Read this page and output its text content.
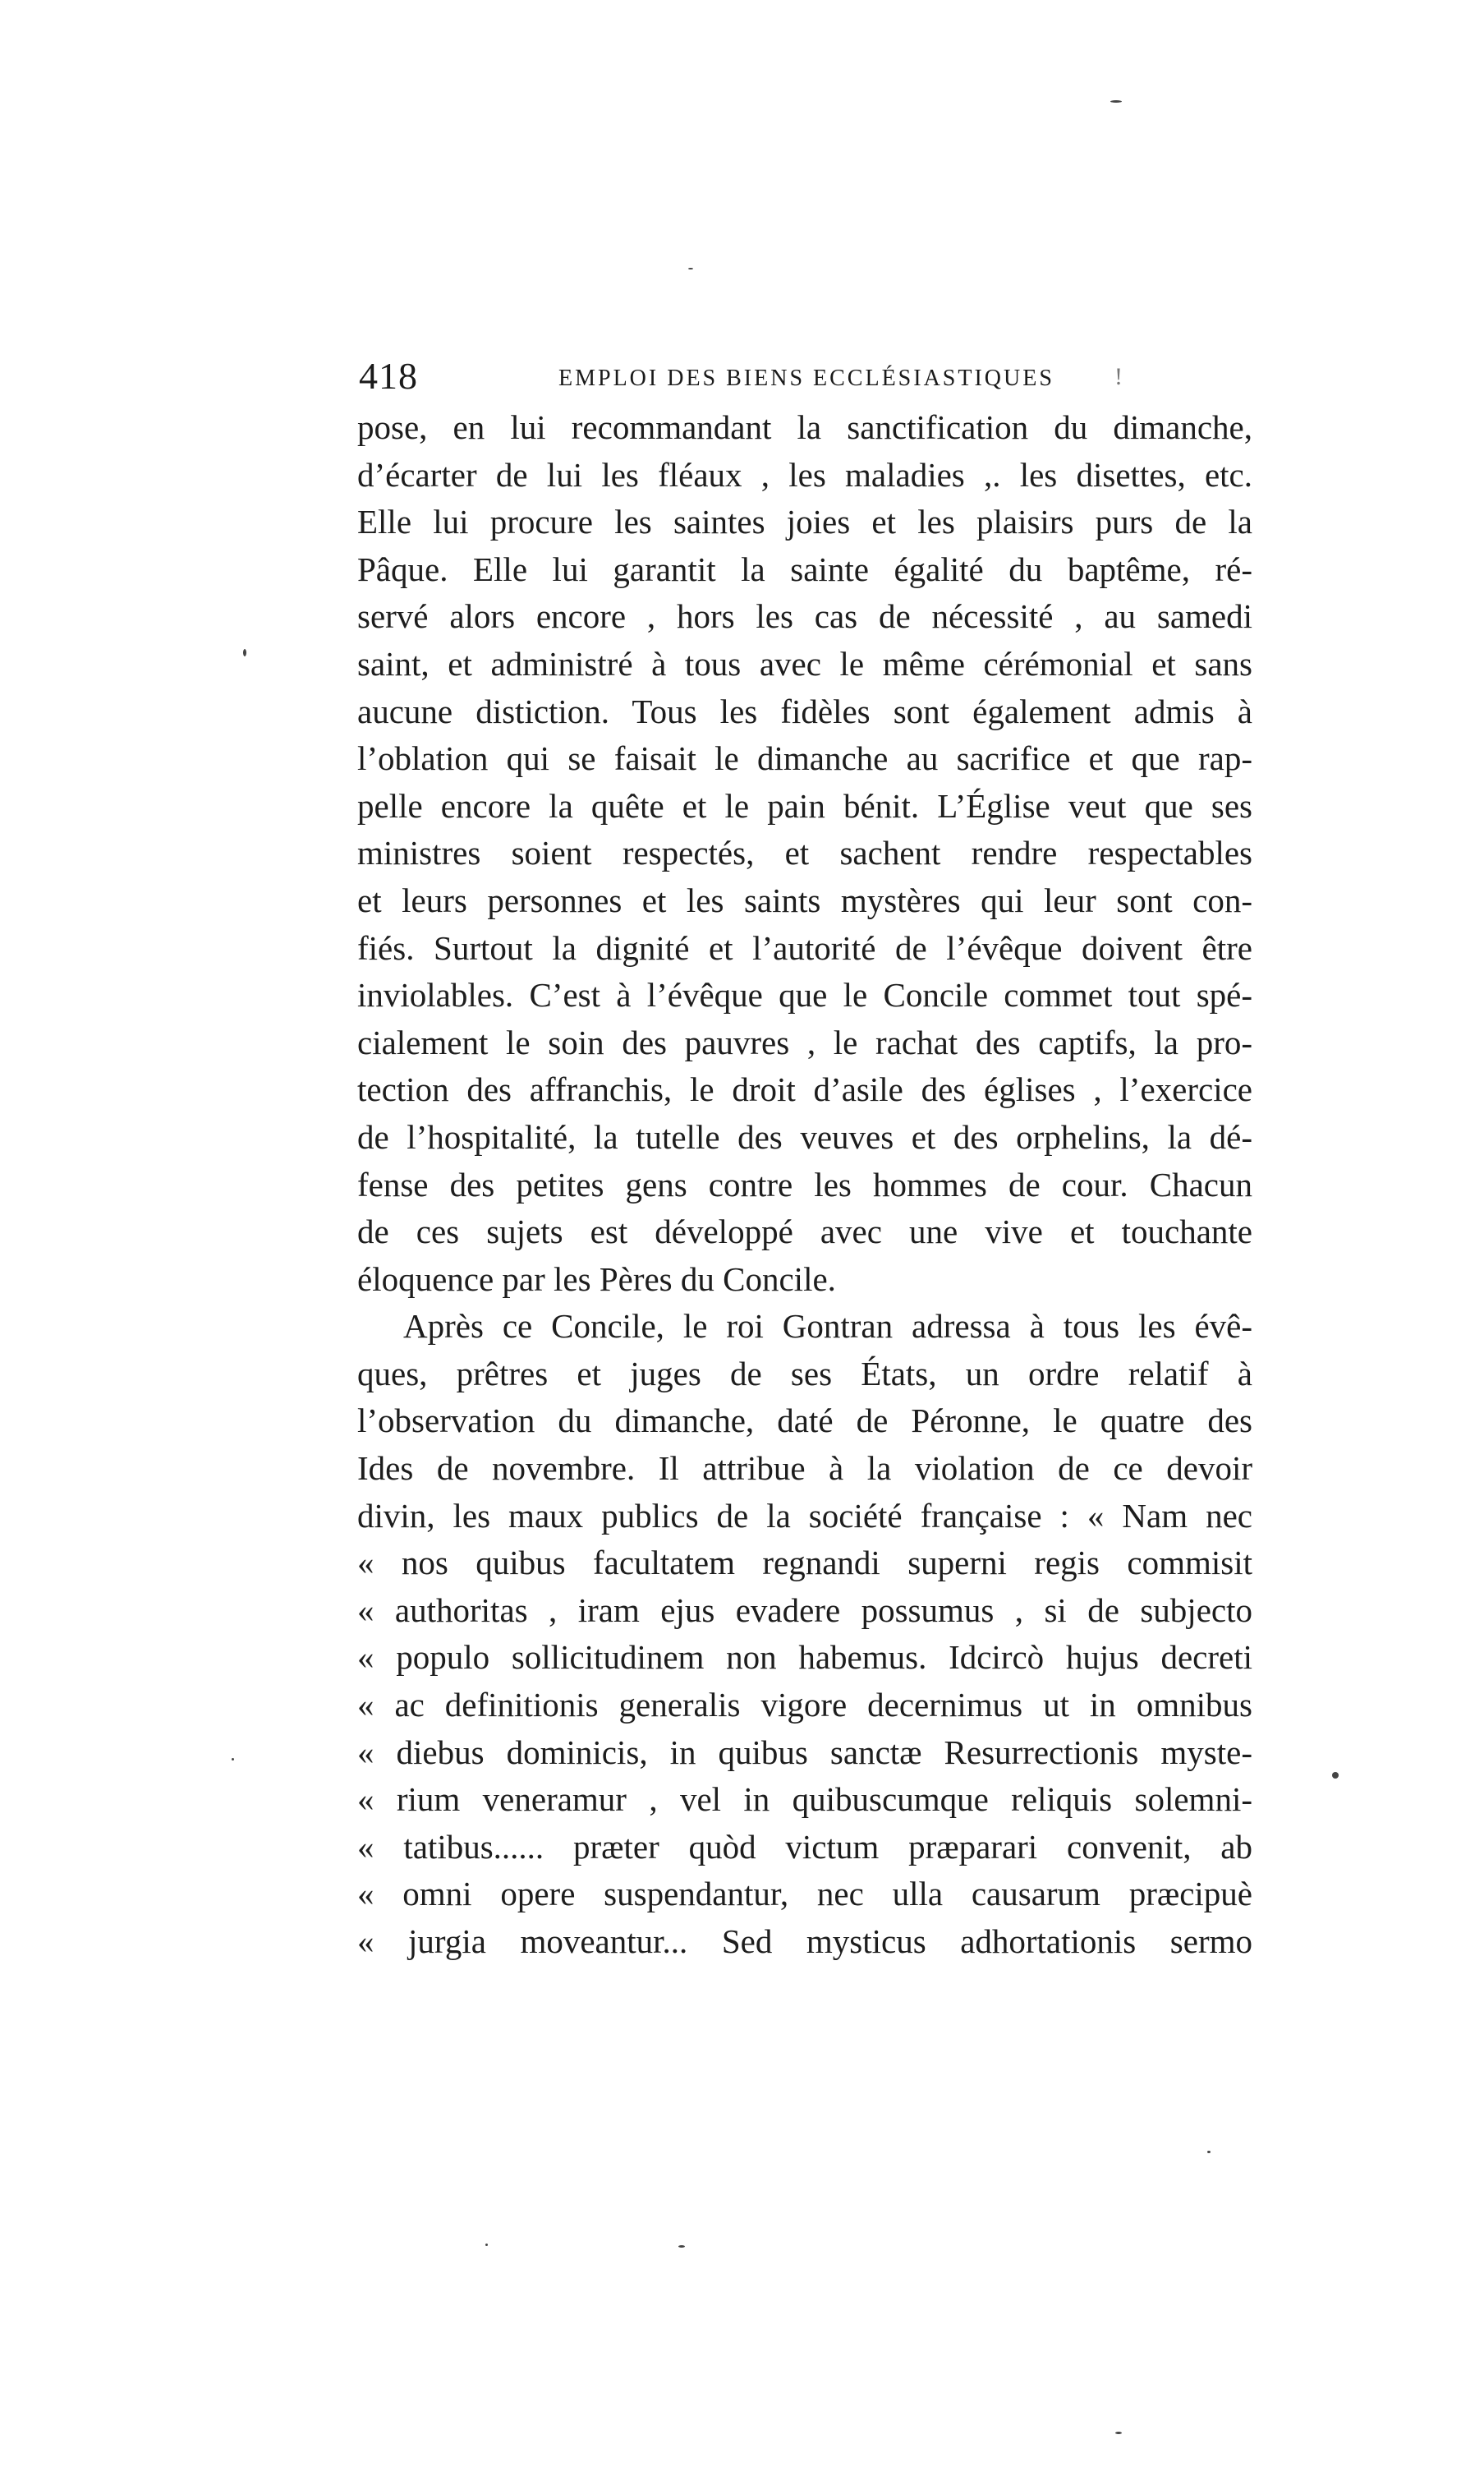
418	EMPLOI DES BIENS ECCLÉSIASTIQUES !
pose, en lui recommandant la sanctification du dimanche,
d’écarter de lui les fléaux , les maladies ,. les disettes, etc.
Elle lui procure les saintes joies et les plaisirs purs de la
Pâque. Elle lui garantit la sainte égalité du baptême, ré-
servé alors encore , hors les cas de nécessité , au samedi
saint, et administré à tous avec le même cérémonial et sans
aucune distiction. Tous les fidèles sont également admis à
l’oblation qui se faisait le dimanche au sacrifice et que rap-
pelle encore la quête et le pain bénit. L’Église veut que ses
ministres soient respectés, et sachent rendre respectables
et leurs personnes et les saints mystères qui leur sont con-
fiés. Surtout la dignité et l’autorité de l’évêque doivent être
inviolables. C’est à l’évêque que le Concile commet tout spé-
cialement le soin des pauvres , le rachat des captifs, la pro-
tection des affranchis, le droit d’asile des églises , l’exercice
de l’hospitalité, la tutelle des veuves et des orphelins, la dé-
fense des petites gens contre les hommes de cour. Chacun
de ces sujets est développé avec une vive et touchante
éloquence par les Pères du Concile.
Après ce Concile, le roi Gontran adressa à tous les évê-
ques, prêtres et juges de ses États, un ordre relatif à
l’observation du dimanche, daté de Péronne, le quatre des
Ides de novembre. Il attribue à la violation de ce devoir
divin, les maux publics de la société française : « Nam nec
« nos quibus facultatem regnandi superni regis commisit
« authoritas , iram ejus evadere possumus , si de subjecto
« populo sollicitudinem non habemus. Idcircò hujus decreti
« ac definitionis generalis vigore decernimus ut in omnibus
« diebus dominicis, in quibus sanctæ Resurrectionis myste-
« rium veneramur , vel in quibuscumque reliquis solemni-
« tatibus...... præter quòd victum præparari convenit, ab
« omni opere suspendantur, nec ulla causarum præcipuè
« jurgia moveantur... Sed mysticus adhortationis sermo
